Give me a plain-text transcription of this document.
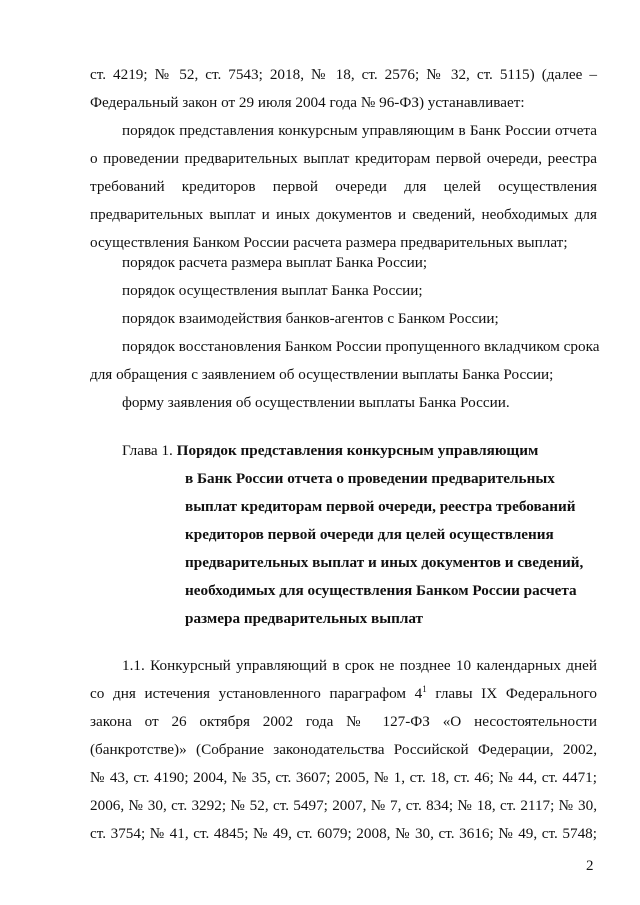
ст. 4219; № 52, ст. 7543; 2018, № 18, ст. 2576; № 32, ст. 5115) (далее –
Федеральный закон от 29 июля 2004 года № 96-ФЗ) устанавливает:
порядок представления конкурсным управляющим в Банк России отчета
о проведении предварительных выплат кредиторам первой очереди, реестра
требований кредиторов первой очереди для целей осуществления
предварительных выплат и иных документов и сведений, необходимых для
осуществления Банком России расчета размера предварительных выплат;
порядок расчета размера выплат Банка России;
порядок осуществления выплат Банка России;
порядок взаимодействия банков-агентов с Банком России;
порядок восстановления Банком России пропущенного вкладчиком срока
для обращения с заявлением об осуществлении выплаты Банка России;
форму заявления об осуществлении выплаты Банка России.
Глава 1. Порядок представления конкурсным управляющим
в Банк России отчета о проведении предварительных
выплат кредиторам первой очереди, реестра требований
кредиторов первой очереди для целей осуществления
предварительных выплат и иных документов и сведений,
необходимых для осуществления Банком России расчета
размера предварительных выплат
1.1. Конкурсный управляющий в срок не позднее 10 календарных дней
со дня истечения установленного параграфом $4^1$ главы IX Федерального
закона от 26 октября 2002 года № 127-ФЗ «О несостоятельности
(банкротстве)» (Собрание законодательства Российской Федерации, 2002,
№ 43, ст. 4190; 2004, № 35, ст. 3607; 2005, № 1, ст. 18, ст. 46; № 44, ст. 4471;
2006, № 30, ст. 3292; № 52, ст. 5497; 2007, № 7, ст. 834; № 18, ст. 2117; № 30,
ст. 3754; № 41, ст. 4845; № 49, ст. 6079; 2008, № 30, ст. 3616; № 49, ст. 5748;
2
